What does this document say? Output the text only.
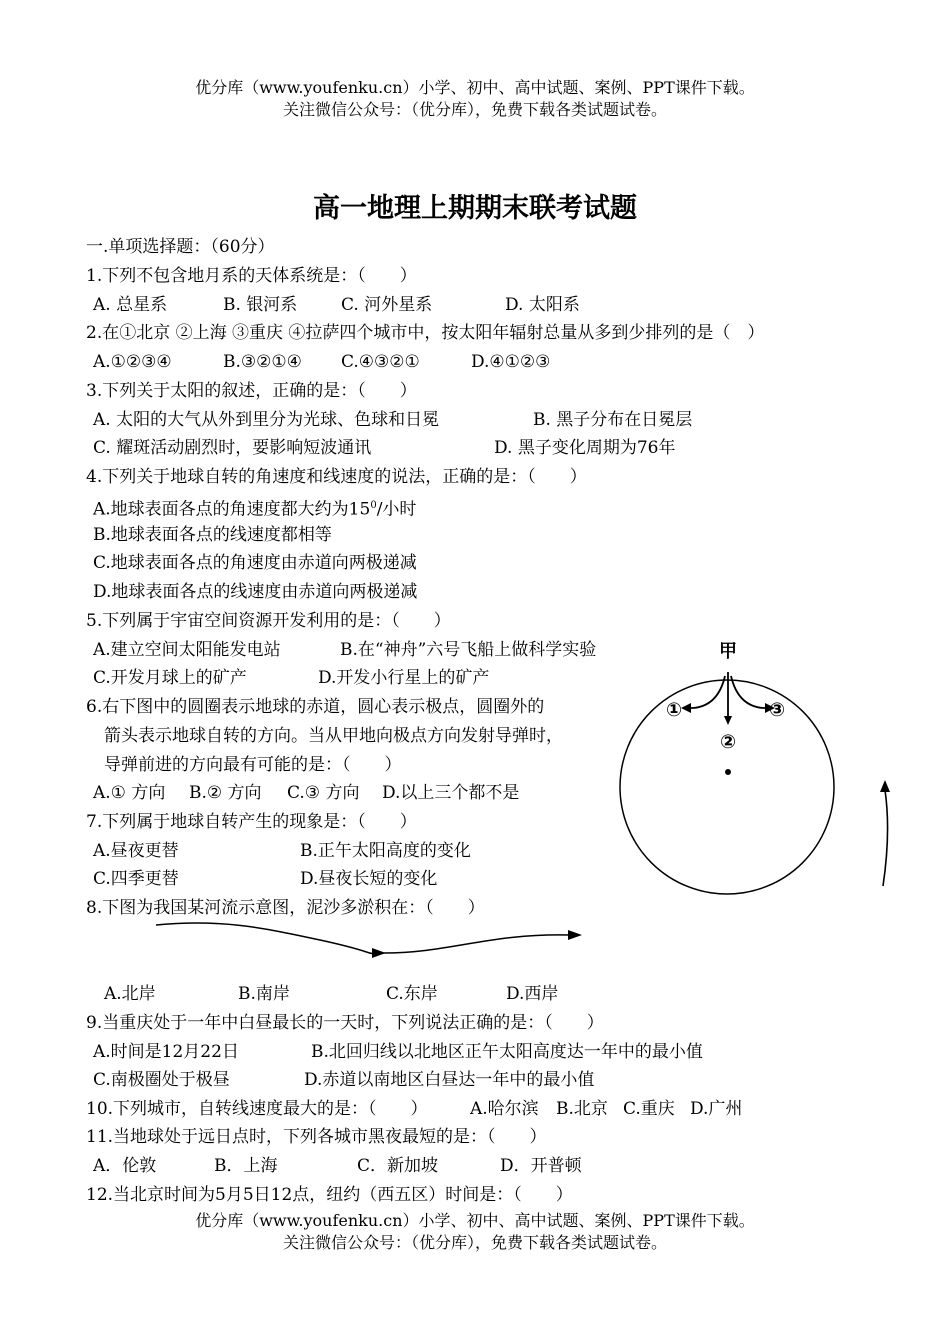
优分库（www.youfenku.cn）小学、初中、高中试题、案例、PPT课件下载。
关注微信公众号：（优分库），免费下载各类试题试卷。
高一地理上期期末联考试题
一.单项选择题：（60分）
1.下列不包含地月系的天体系统是：（　　）
A. 总星系	B. 银河系	C. 河外星系	D. 太阳系
2.在①北京 ②上海 ③重庆 ④拉萨四个城市中，按太阳年辐射总量从多到少排列的是（　）
A.①②③④	B.③②①④ C.④③②①	D.④①②③
3.下列关于太阳的叙述，正确的是：（　　）
A. 太阳的大气从外到里分为光球、色球和日冕	B. 黑子分布在日冕层
C. 耀斑活动剧烈时，要影响短波通讯	D. 黑子变化周期为76年
4.下列关于地球自转的角速度和线速度的说法，正确的是：（　　）
A.地球表面各点的角速度都大约为$15^0/$小时
B.地球表面各点的线速度都相等
C.地球表面各点的角速度由赤道向两极递减
D.地球表面各点的线速度由赤道向两极递减
5.下列属于宇宙空间资源开发利用的是：（　　）
A.建立空间太阳能发电站	B.在“神舟”六号飞船上做科学实验
C.开发月球上的矿产	D.开发小行星上的矿产
6.右下图中的圆圈表示地球的赤道，圆心表示极点，圆圈外的
箭头表示地球自转的方向。当从甲地向极点方向发射导弹时，
导弹前进的方向最有可能的是：（　　）
A.① 方向 B.② 方向 C.③ 方向 D.以上三个都不是
甲
①
②
③
7.下列属于地球自转产生的现象是：（　　）
A.昼夜更替	B.正午太阳高度的变化
C.四季更替	D.昼夜长短的变化
8.下图为我国某河流示意图，泥沙多淤积在：（　　）
A.北岸	B.南岸	C.东岸	D.西岸
9.当重庆处于一年中白昼最长的一天时，下列说法正确的是：（　　）
A.时间是12月22日	B.北回归线以北地区正午太阳高度达一年中的最小值
C.南极圈处于极昼	D.赤道以南地区白昼达一年中的最小值
10.下列城市，自转线速度最大的是：（　　） A.哈尔滨 B.北京 C.重庆 D.广州
11.当地球处于远日点时，下列各城市黑夜最短的是：（　　）
A．伦敦	B．上海	C．新加坡	D．开普顿
12.当北京时间为5月5日12点，纽约（西五区）时间是：（　　）
优分库（www.youfenku.cn）小学、初中、高中试题、案例、PPT课件下载。
关注微信公众号：（优分库），免费下载各类试题试卷。
